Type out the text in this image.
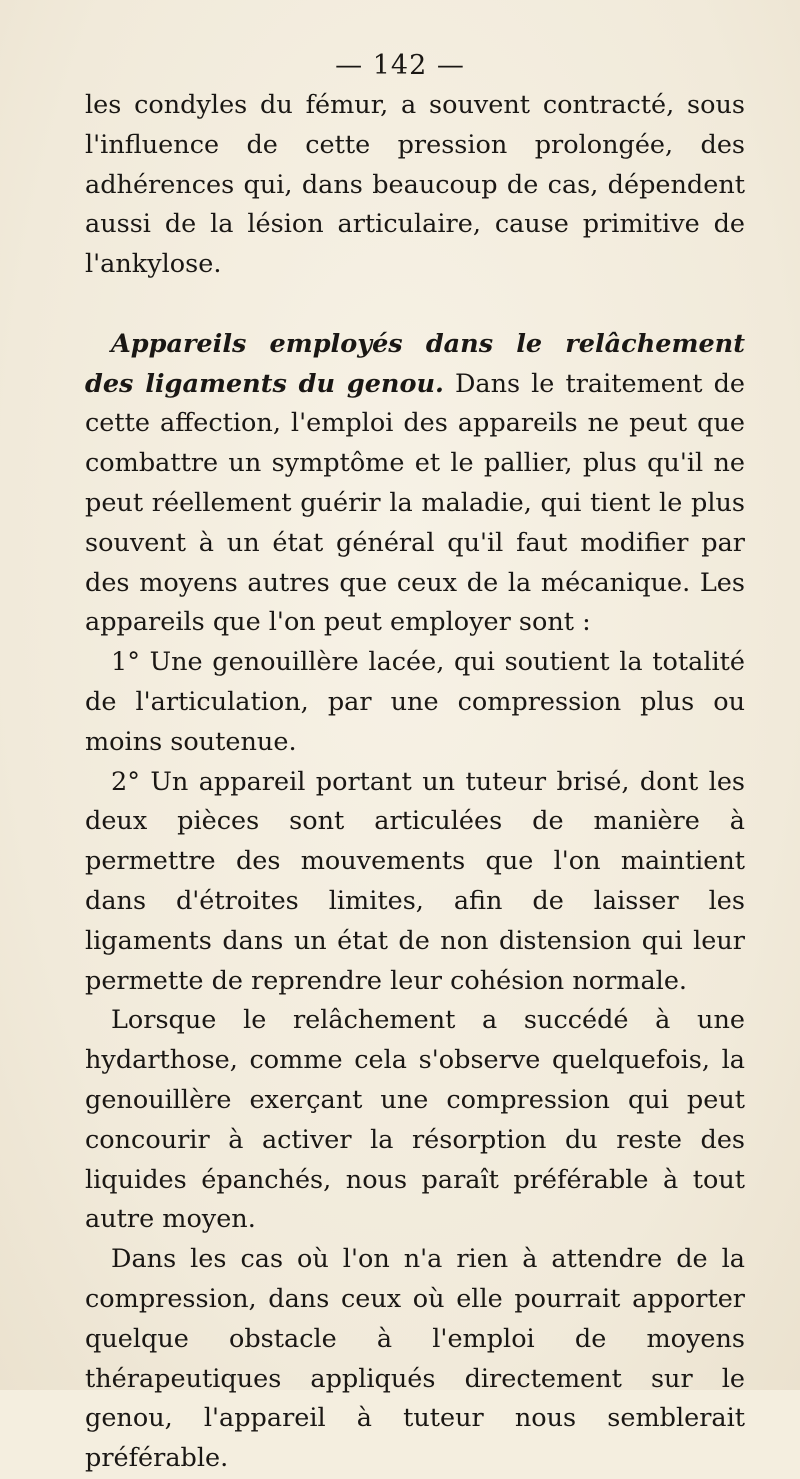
— 142 —

les condyles du fémur, a souvent contracté, sous l'influence de cette pression prolongée, des adhérences qui, dans beaucoup de cas, dépendent aussi de la lésion articulaire, cause primitive de l'ankylose.

Appareils employés dans le relâchement des ligaments du genou. Dans le traitement de cette affection, l'emploi des appareils ne peut que combattre un symptôme et le pallier, plus qu'il ne peut réellement guérir la maladie, qui tient le plus souvent à un état général qu'il faut modifier par des moyens autres que ceux de la mécanique. Les appareils que l'on peut employer sont :

1° Une genouillère lacée, qui soutient la totalité de l'articulation, par une compression plus ou moins soutenue.

2° Un appareil portant un tuteur brisé, dont les deux pièces sont articulées de manière à permettre des mouvements que l'on maintient dans d'étroites limites, afin de laisser les ligaments dans un état de non distension qui leur permette de reprendre leur cohésion normale.

Lorsque le relâchement a succédé à une hydarthose, comme cela s'observe quelquefois, la genouillère exerçant une compression qui peut concourir à activer la résorption du reste des liquides épanchés, nous paraît préférable à tout autre moyen.

Dans les cas où l'on n'a rien à attendre de la compression, dans ceux où elle pourrait apporter quelque obstacle à l'emploi de moyens thérapeutiques appliqués directement sur le genou, l'appareil à tuteur nous semblerait préférable.
